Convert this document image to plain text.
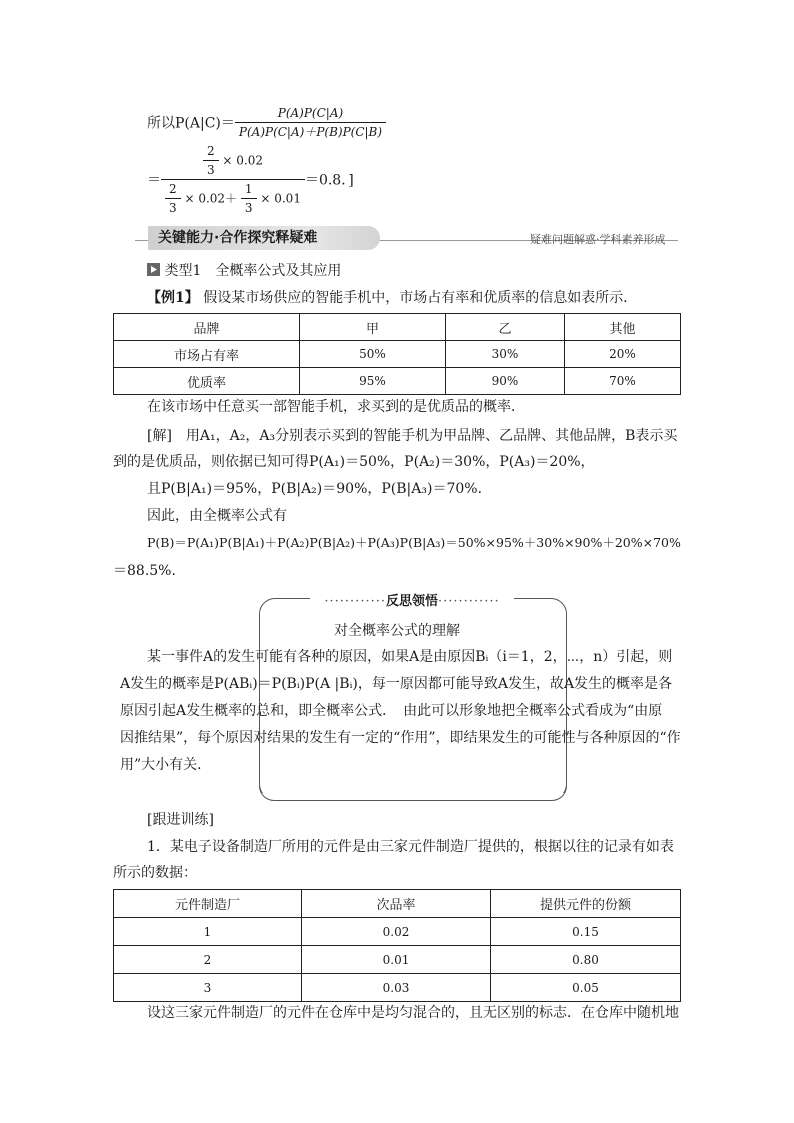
所以$P(A|C)= \frac{P(A)P(C|A)}{P(A)P(C|A)+P(B)P(C|B)}$
＝ $\frac{\frac{2}{3} \times 0.02}{\frac{2}{3} \times 0.02+ \frac{1}{3} \times 0.01} =0.8$．]
关键能力·合作探究释疑难	疑难问题解惑·学科素养形成
类型1　全概率公式及其应用
【例1】 假设某市场供应的智能手机中，市场占有率和优质率的信息如表所示．
品牌	甲	乙	其他
市场占有率	50%	30%	20%
优质率	95%	90%	70%
在该市场中任意买一部智能手机，求买到的是优质品的概率．
[解]　用A₁，A₂，A₃分别表示买到的智能手机为甲品牌、乙品牌、其他品牌，B表示买
到的是优质品，则依据已知可得P(A₁)＝50%，P(A₂)＝30%，P(A₃)＝20%，
且P(B|A₁)＝95%，P(B|A₂)＝90%，P(B|A₃)＝70%．
因此，由全概率公式有
P(B)＝P(A₁)P(B|A₁)＋P(A₂)P(B|A₂)＋P(A₃)P(B|A₃)＝50%×95%＋30%×90%＋20%×70%
＝88.5%．
············反思领悟············
对全概率公式的理解
某一事件A的发生可能有各种的原因，如果A是由原因Bᵢ（i＝1，2，⋯，n）引起，则
A发生的概率是P(ABᵢ)＝P(Bᵢ)P(A |Bᵢ)，每一原因都可能导致A发生，故A发生的概率是各
原因引起A发生概率的总和，即全概率公式．　由此可以形象地把全概率公式看成为“由原
因推结果”，每个原因对结果的发生有一定的“作用”，即结果发生的可能性与各种原因的“作
用”大小有关．
[跟进训练]
1．某电子设备制造厂所用的元件是由三家元件制造厂提供的，根据以往的记录有如表
所示的数据：
元件制造厂	次品率	提供元件的份额
1	0.02	0.15
2	0.01	0.80
3	0.03	0.05
设这三家元件制造厂的元件在仓库中是均匀混合的，且无区别的标志．在仓库中随机地
